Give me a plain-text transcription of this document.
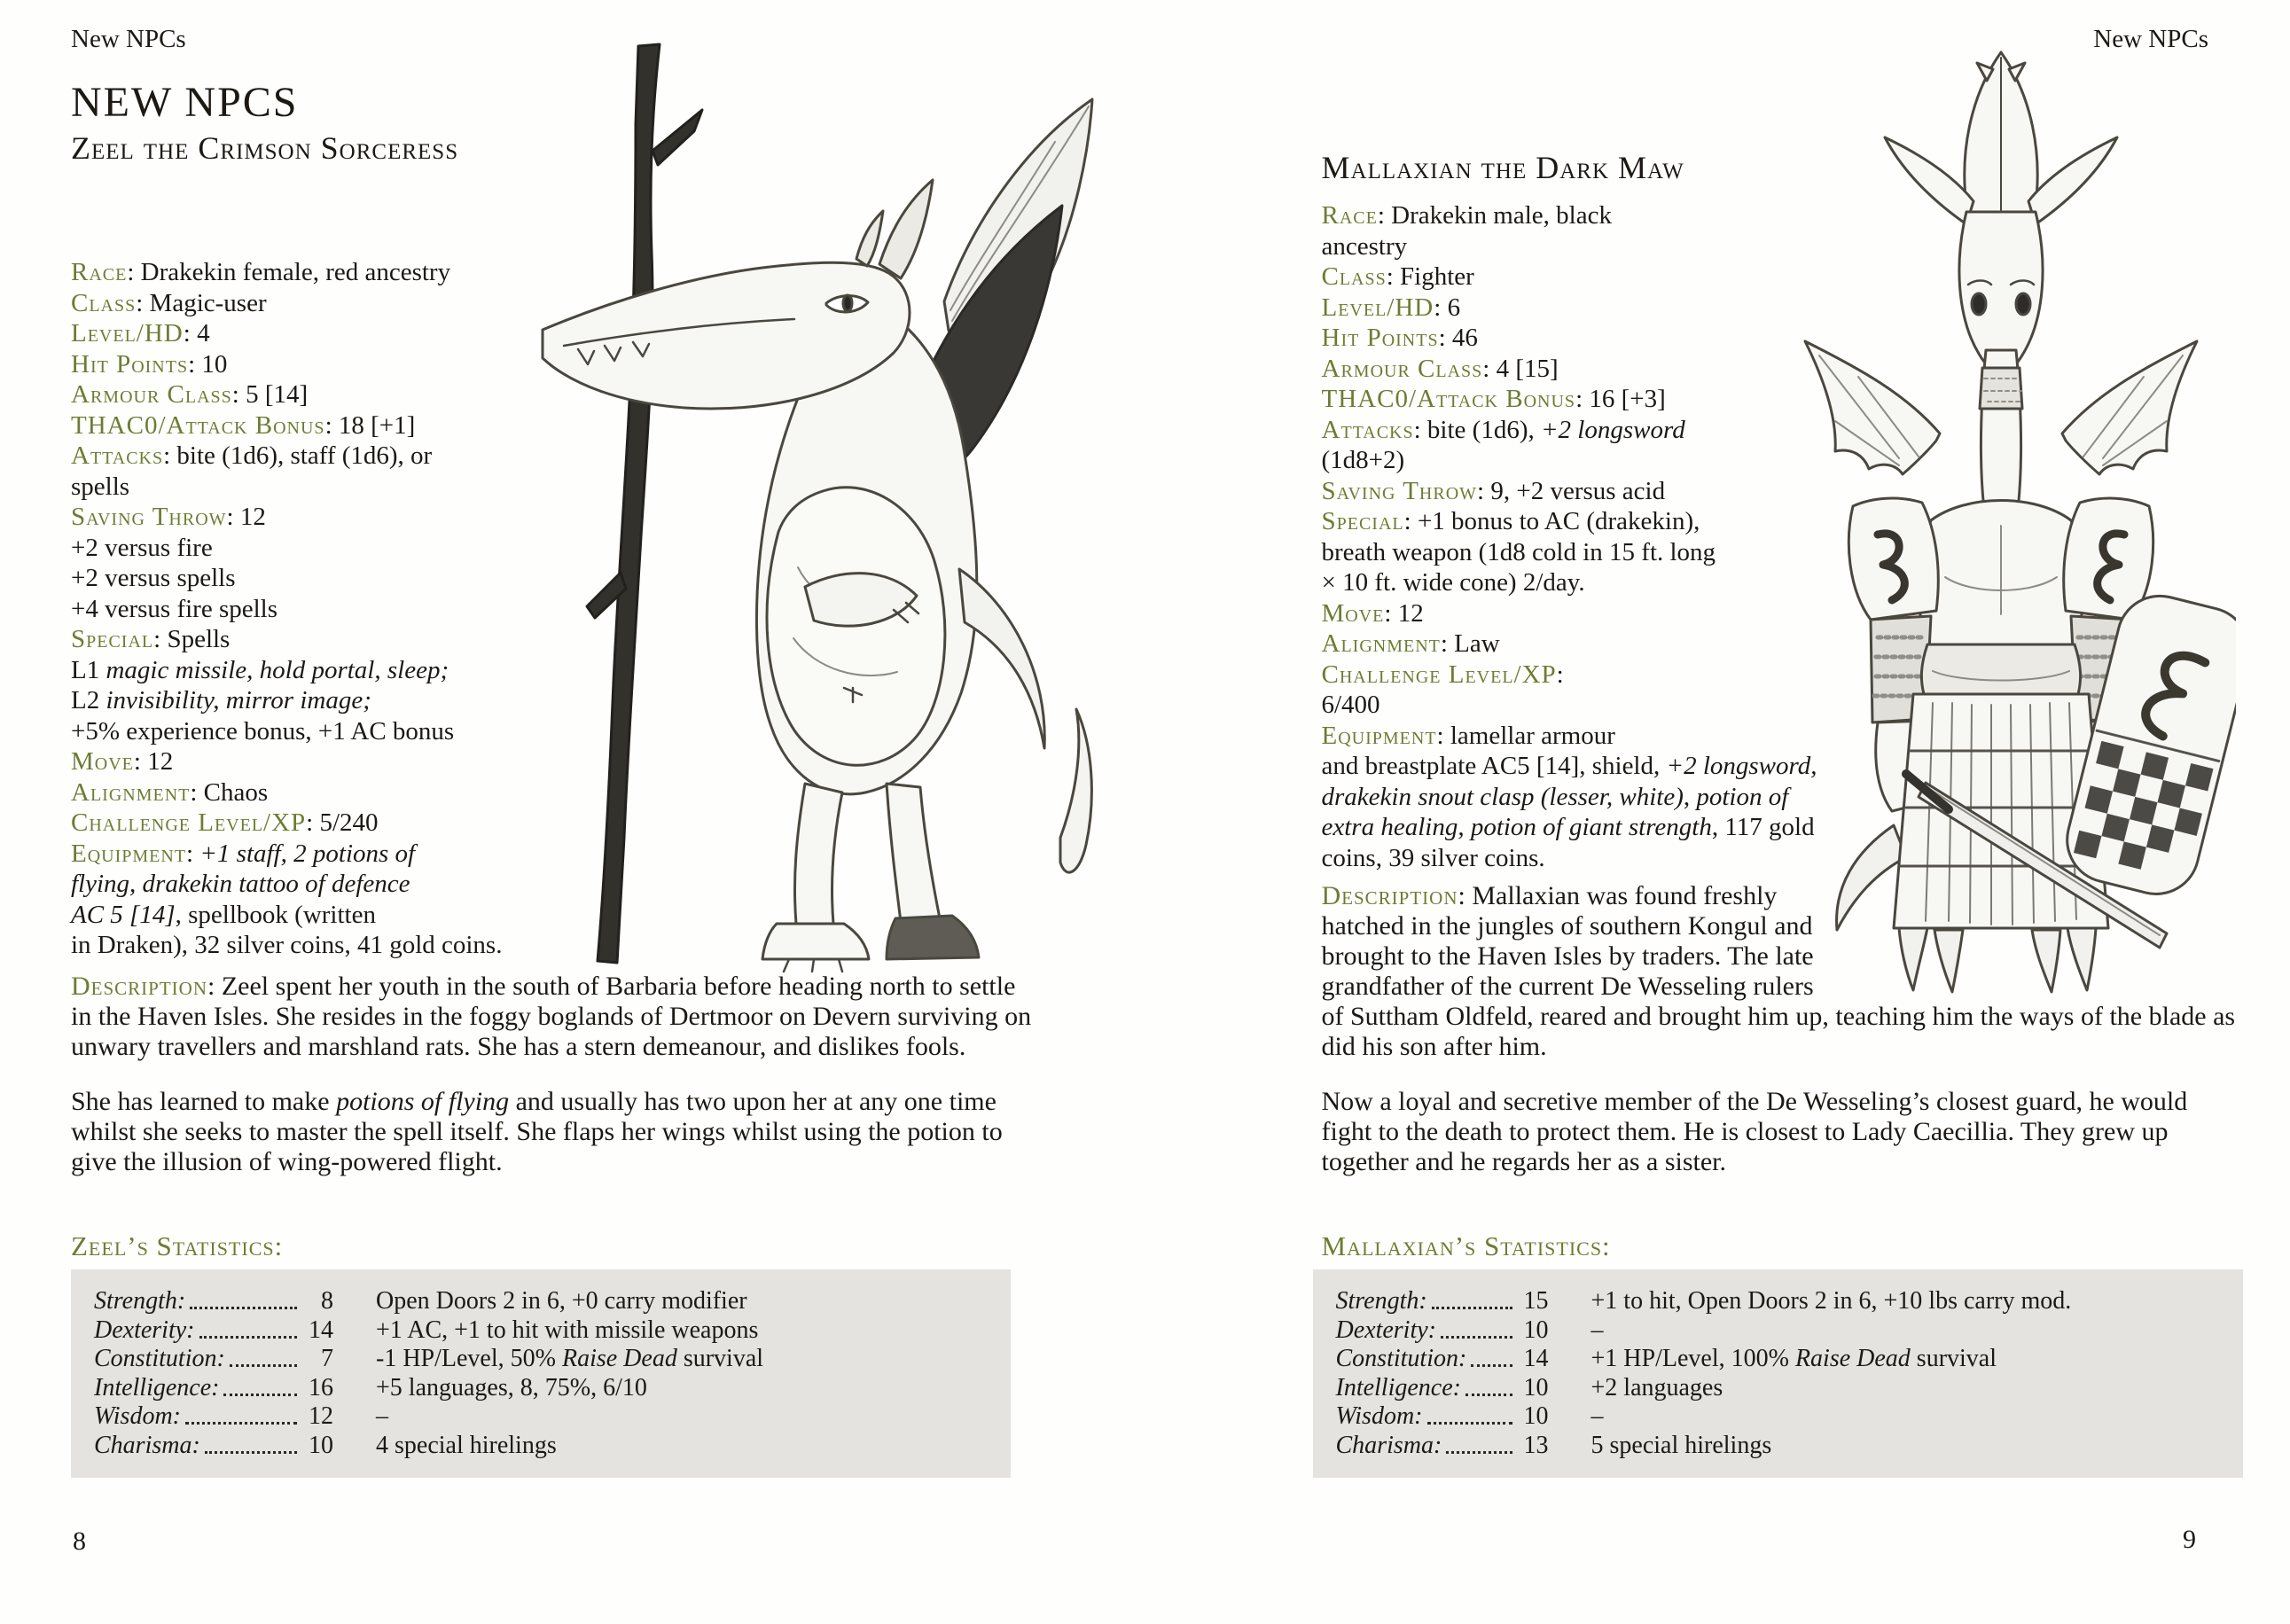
New NPCs
NEW NPCS
Zeel the Crimson Sorceress
Race: Drakekin female, red ancestry
Class: Magic-user
Level/HD: 4
Hit Points: 10
Armour Class: 5 [14]
THAC0/Attack Bonus: 18 [+1]
Attacks: bite (1d6), staff (1d6), or
spells
Saving Throw: 12
+2 versus fire
+2 versus spells
+4 versus fire spells
Special: Spells
L1 magic missile, hold portal, sleep;
L2 invisibility, mirror image;
+5% experience bonus, +1 AC bonus
Move: 12
Alignment: Chaos
Challenge Level/XP: 5/240
Equipment: +1 staff, 2 potions of
flying, drakekin tattoo of defence
AC 5 [14], spellbook (written
in Draken), 32 silver coins, 41 gold coins.

Description: Zeel spent her youth in the south of Barbaria before heading north to settle in the Haven Isles. She resides in the foggy boglands of Dertmoor on Devern surviving on unwary travellers and marshland rats. She has a stern demeanour, and dislikes fools.

She has learned to make potions of flying and usually has two upon her at any one time whilst she seeks to master the spell itself. She flaps her wings whilst using the potion to give the illusion of wing-powered flight.

Zeel’s Statistics:
Strength:	8 Open Doors 2 in 6, +0 carry modifier
Dexterity:	14 +1 AC, +1 to hit with missile weapons
Constitution:	7 -1 HP/Level, 50% Raise Dead survival
Intelligence:	16 +5 languages, 8, 75%, 6/10
Wisdom:	12 –
Charisma:	10 4 special hirelings
8
New NPCs
Mallaxian the Dark Maw
Race: Drakekin male, black
ancestry
Class: Fighter
Level/HD: 6
Hit Points: 46
Armour Class: 4 [15]
THAC0/Attack Bonus: 16 [+3]
Attacks: bite (1d6), +2 longsword
(1d8+2)
Saving Throw: 9, +2 versus acid
Special: +1 bonus to AC (drakekin),
breath weapon (1d8 cold in 15 ft. long
× 10 ft. wide cone) 2/day.
Move: 12
Alignment: Law
Challenge Level/XP:
6/400
Equipment: lamellar armour
and breastplate AC5 [14], shield, +2 longsword,
drakekin snout clasp (lesser, white), potion of
extra healing, potion of giant strength, 117 gold
coins, 39 silver coins.

Description: Mallaxian was found freshly hatched in the jungles of southern Kongul and brought to the Haven Isles by traders. The late grandfather of the current De Wesseling rulers of Suttham Oldfeld, reared and brought him up, teaching him the ways of the blade as did his son after him.

Now a loyal and secretive member of the De Wesseling’s closest guard, he would fight to the death to protect them. He is closest to Lady Caecillia. They grew up together and he regards her as a sister.

Mallaxian’s Statistics:
Strength:	15 +1 to hit, Open Doors 2 in 6, +10 lbs carry mod.
Dexterity:	10 –
Constitution: 14 +1 HP/Level, 100% Raise Dead survival
Intelligence:	10 +2 languages
Wisdom:	10 –
Charisma:	13 5 special hirelings
9
